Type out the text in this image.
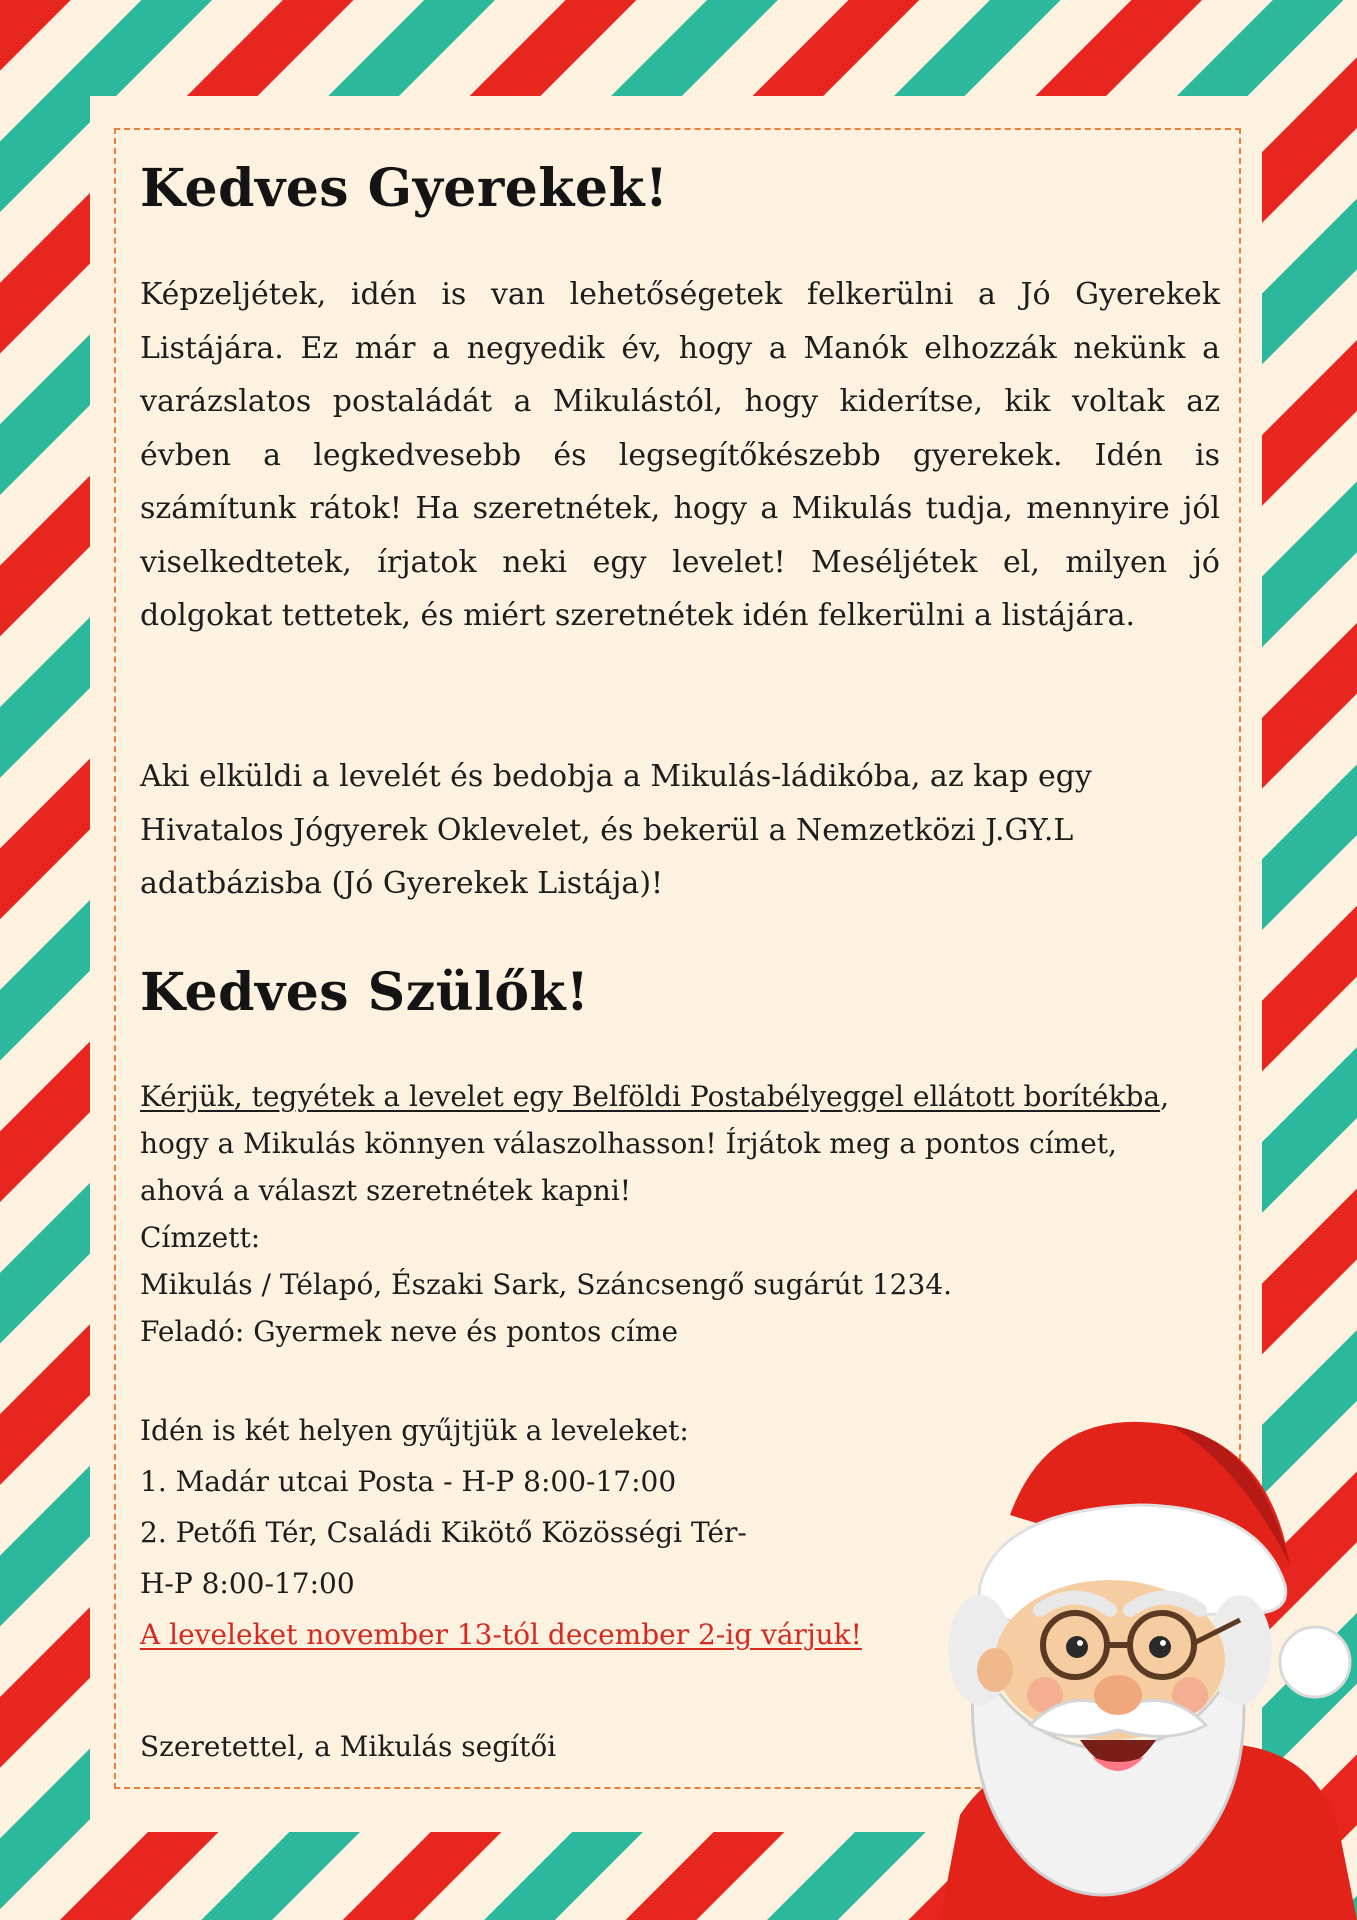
Kedves Gyerekek!

Képzeljétek, idén is van lehetőségetek felkerülni a Jó Gyerekek Listájára. Ez már a negyedik év, hogy a Manók elhozzák nekünk a varázslatos postaládát a Mikulástól, hogy kiderítse, kik voltak az évben a legkedvesebb és legsegítőkészebb gyerekek. Idén is számítunk rátok! Ha szeretnétek, hogy a Mikulás tudja, mennyire jól viselkedtetek, írjatok neki egy levelet! Meséljétek el, milyen jó dolgokat tettetek, és miért szeretnétek idén felkerülni a listájára.

Aki elküldi a levelét és bedobja a Mikulás-ládikóba, az kap egy Hivatalos Jógyerek Oklevelet, és bekerül a Nemzetközi J.GY.L adatbázisba (Jó Gyerekek Listája)!

Kedves Szülők!

Kérjük, tegyétek a levelet egy Belföldi Postabélyeggel ellátott borítékba, hogy a Mikulás könnyen válaszolhasson! Írjátok meg a pontos címet, ahová a választ szeretnétek kapni!

Címzett:

Mikulás / Télapó, Északi Sark, Száncsengő sugárút 1234.

Feladó: Gyermek neve és pontos címe

Idén is két helyen gyűjtjük a leveleket:

1. Madár utcai Posta - H-P 8:00-17:00

2. Petőfi Tér, Családi Kikötő Közösségi Tér-

H-P 8:00-17:00

A leveleket november 13-tól december 2-ig várjuk!

Szeretettel, a Mikulás segítői
